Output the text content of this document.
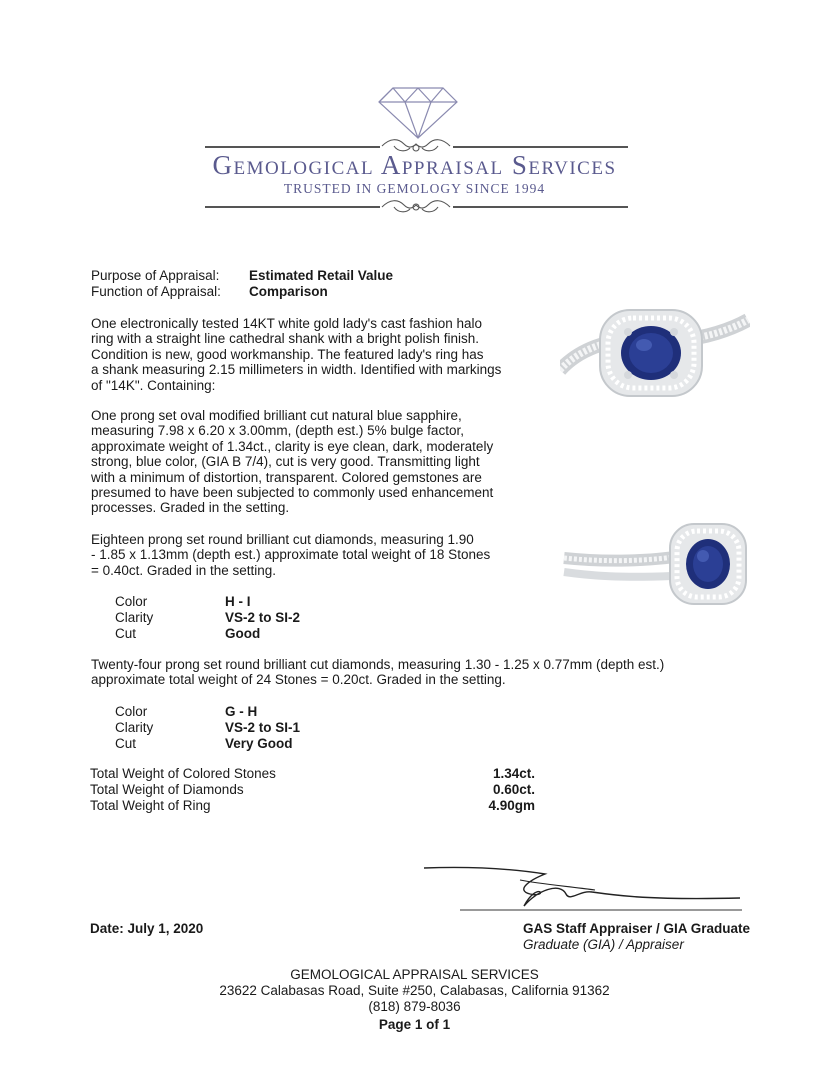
Gemological Appraisal Services
TRUSTED IN GEMOLOGY SINCE 1994
Purpose of Appraisal: Estimated Retail Value
Function of Appraisal: Comparison
One electronically tested 14KT white gold lady's cast fashion halo
ring with a straight line cathedral shank with a bright polish finish.
Condition is new, good workmanship. The featured lady's ring has
a shank measuring 2.15 millimeters in width. Identified with markings
of "14K". Containing:
One prong set oval modified brilliant cut natural blue sapphire,
measuring 7.98 x 6.20 x 3.00mm, (depth est.) 5% bulge factor,
approximate weight of 1.34ct., clarity is eye clean, dark, moderately
strong, blue color, (GIA B 7/4), cut is very good. Transmitting light
with a minimum of distortion, transparent. Colored gemstones are
presumed to have been subjected to commonly used enhancement
processes. Graded in the setting.
Eighteen prong set round brilliant cut diamonds, measuring 1.90
- 1.85 x 1.13mm (depth est.) approximate total weight of 18 Stones
= 0.40ct. Graded in the setting.
Color	H - I
Clarity	VS-2 to SI-2
Cut	Good
Twenty-four prong set round brilliant cut diamonds, measuring 1.30 - 1.25 x 0.77mm (depth est.)
approximate total weight of 24 Stones = 0.20ct. Graded in the setting.
Color	G - H
Clarity	VS-2 to SI-1
Cut	Very Good
Total Weight of Colored Stones	1.34ct.
Total Weight of Diamonds	0.60ct.
Total Weight of Ring	4.90gm
Date: July 1, 2020	GAS Staff Appraiser / GIA Graduate
Graduate (GIA) / Appraiser
GEMOLOGICAL APPRAISAL SERVICES
23622 Calabasas Road, Suite #250, Calabasas, California 91362
(818) 879-8036
Page 1 of 1
